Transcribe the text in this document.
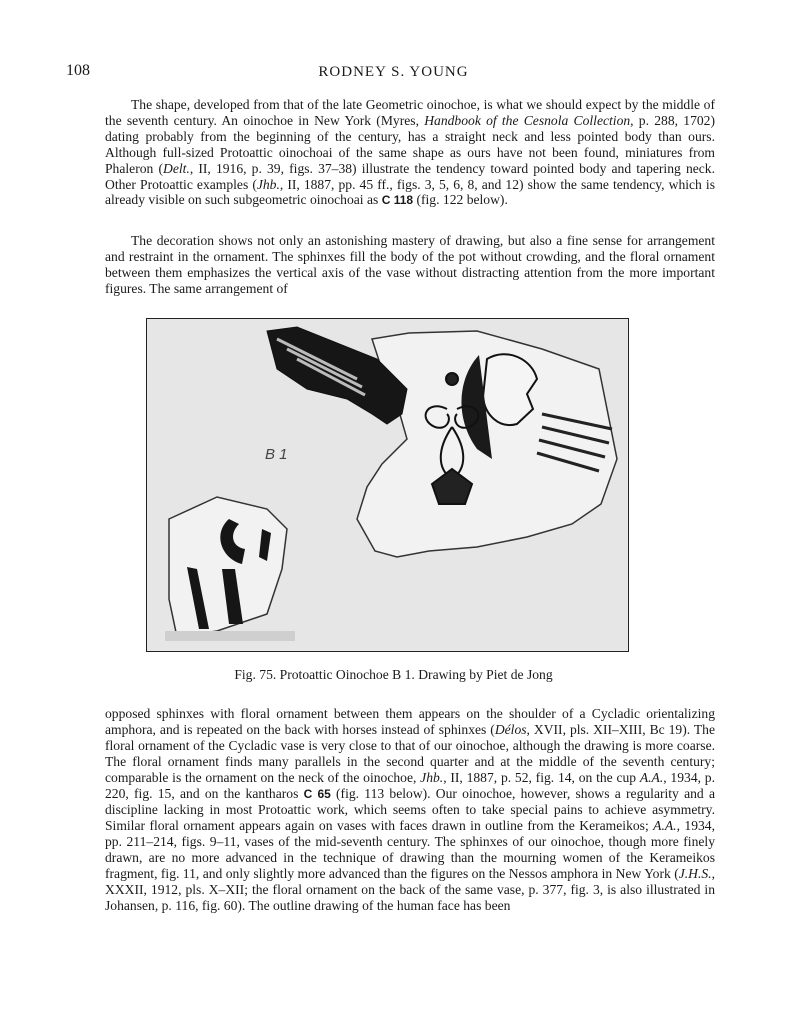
108	RODNEY S. YOUNG

The shape, developed from that of the late Geometric oinochoe, is what we should expect by the middle of the seventh century. An oinochoe in New York (Myres, Handbook of the Cesnola Collection, p. 288, 1702) dating probably from the beginning of the century, has a straight neck and less pointed body than ours. Although full-sized Protoattic oinochoai of the same shape as ours have not been found, miniatures from Phaleron (Delt., II, 1916, p. 39, figs. 37–38) illustrate the tendency toward pointed body and tapering neck. Other Protoattic examples (Jhb., II, 1887, pp. 45 ff., figs. 3, 5, 6, 8, and 12) show the same tendency, which is already visible on such subgeometric oinochoai as C 118 (fig. 122 below).

The decoration shows not only an astonishing mastery of drawing, but also a fine sense for arrangement and restraint in the ornament. The sphinxes fill the body of the pot without crowding, and the floral ornament between them emphasizes the vertical axis of the vase without distracting attention from the more important figures. The same arrangement of

B 1
Fig. 75. Protoattic Oinochoe B 1. Drawing by Piet de Jong

opposed sphinxes with floral ornament between them appears on the shoulder of a Cycladic orientalizing amphora, and is repeated on the back with horses instead of sphinxes (Délos, XVII, pls. XII–XIII, Bc 19). The floral ornament of the Cycladic vase is very close to that of our oinochoe, although the drawing is more coarse. The floral ornament finds many parallels in the second quarter and at the middle of the seventh century; comparable is the ornament on the neck of the oinochoe, Jhb., II, 1887, p. 52, fig. 14, on the cup A.A., 1934, p. 220, fig. 15, and on the kantharos C 65 (fig. 113 below). Our oinochoe, however, shows a regularity and a discipline lacking in most Protoattic work, which seems often to take special pains to achieve asymmetry. Similar floral ornament appears again on vases with faces drawn in outline from the Kerameikos; A.A., 1934, pp. 211–214, figs. 9–11, vases of the mid-seventh century. The sphinxes of our oinochoe, though more finely drawn, are no more advanced in the technique of drawing than the mourning women of the Kerameikos fragment, fig. 11, and only slightly more advanced than the figures on the Nessos amphora in New York (J.H.S., XXXII, 1912, pls. X–XII; the floral ornament on the back of the same vase, p. 377, fig. 3, is also illustrated in Johansen, p. 116, fig. 60). The outline drawing of the human face has been
